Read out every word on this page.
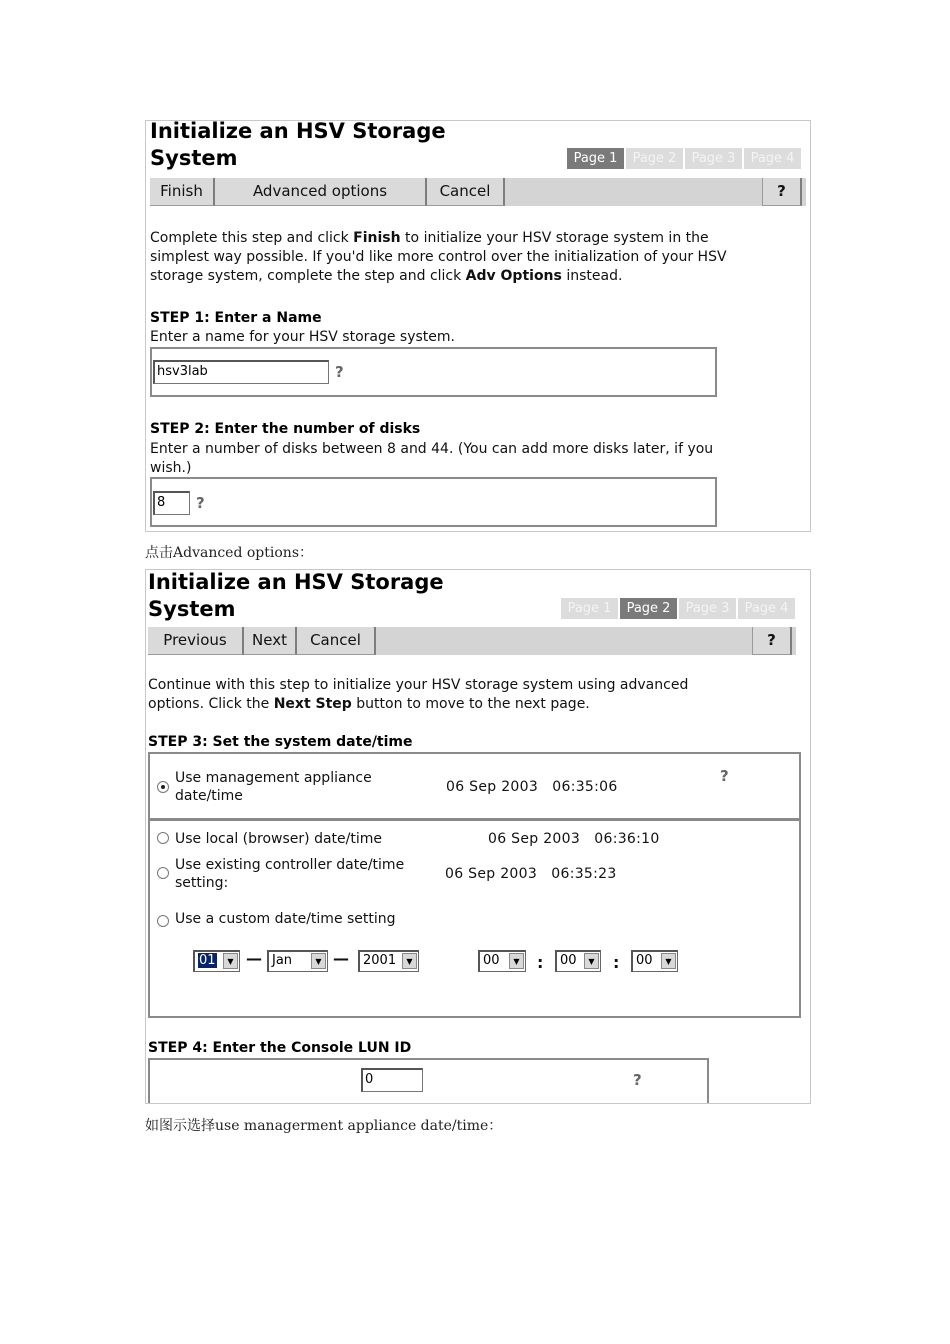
Initialize an HSV Storage
System	Page 1	Page 2	Page 3	Page 4
Finish	Advanced options	Cancel	?
Complete this step and click Finish to initialize your HSV storage system in the
simplest way possible. If you'd like more control over the initialization of your HSV
storage system, complete the step and click Adv Options instead.
STEP 1: Enter a Name
Enter a name for your HSV storage system.
hsv3lab	?
STEP 2: Enter the number of disks
Enter a number of disks between 8 and 44. (You can add more disks later, if you
wish.)
8	?
点击Advanced options：
Initialize an HSV Storage
System	Page 1	Page 2	Page 3	Page 4
Previous	Next	Cancel	?
Continue with this step to initialize your HSV storage system using advanced
options. Click the Next Step button to move to the next page.
STEP 3: Set the system date/time
Use management appliance
date/time
06 Sep 2003   06:35:06
?
Use local (browser) date/time	06 Sep 2003   06:36:10
Use existing controller date/time
setting:
06 Sep 2003   06:35:23
Use a custom date/time setting
01	▼ — Jan	▼ —	2001	▼	00	▼ :	00	▼ :	00	▼
STEP 4: Enter the Console LUN ID
0	?
如图示选择use managerment appliance date/time：
